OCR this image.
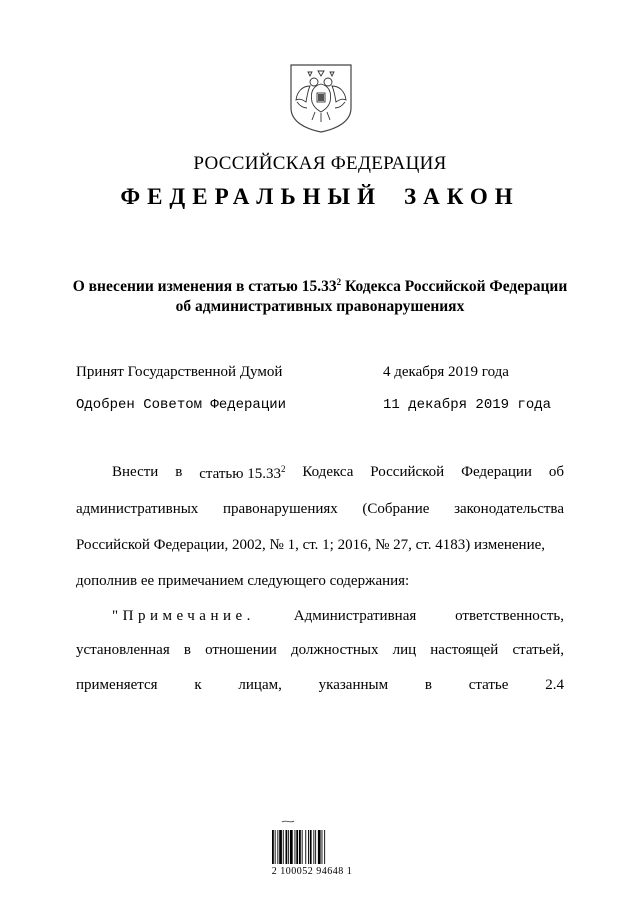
РОССИЙСКАЯ ФЕДЕРАЦИЯ
ФЕДЕРАЛЬНЫЙ ЗАКОН
О внесении изменения в статью 15.33$^2$ Кодекса Российской Федерации
об административных правонарушениях
Принят Государственной Думой	4 декабря 2019 года
Одобрен Советом Федерации	11 декабря 2019 года
Внести в статью 15.33$^2$ Кодекса Российской Федерации об
административных правонарушениях (Собрание законодательства
Российской Федерации, 2002, № 1, ст. 1; 2016, № 27, ст. 4183) изменение,
дополнив ее примечанием следующего содержания:
"Примечание.	Административная	ответственность,
установленная в отношении должностных лиц настоящей статьей,
применяется к лицам, указанным в статье 2.4
2 100052 94648 1
